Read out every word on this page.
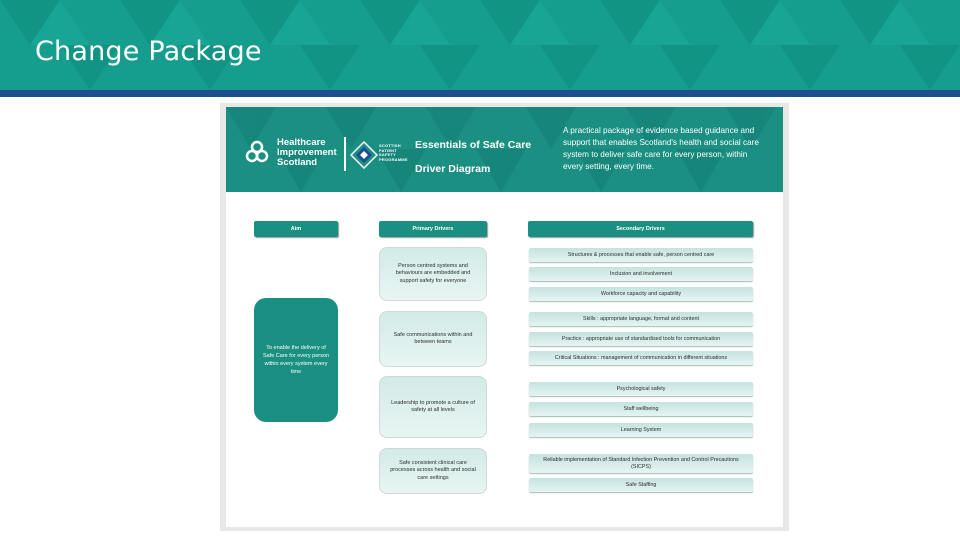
Change Package
Healthcare
Improvement
Scotland
SCOTTISH
PATIENT
SAFETY
PROGRAMME
Essentials of Safe Care
Driver Diagram
A practical package of evidence based guidance and support that enables Scotland's health and social care system to deliver safe care for every person, within every setting, every time.
Aim	Primary Drivers	Secondary Drivers
To enable the delivery of Safe Care for every person within every system every time
Person centred systems and behaviours are embedded and support safety for everyone
Safe communications within and between teams
Leadership to promote a culture of safety at all levels
Safe consistent clinical care processes across health and social care settings
Structures & processes that enable safe, person centred care
Inclusion and involvement
Workforce capacity and capability
Skills : appropriate language, format and content
Practice : appropriate use of standardised tools for communication
Critical Situations : management of communication in different situations
Psychological safety
Staff wellbeing
Learning System
Reliable implementation of Standard Infection Prevention and Control Precautions (SICPS)
Safe Staffing
